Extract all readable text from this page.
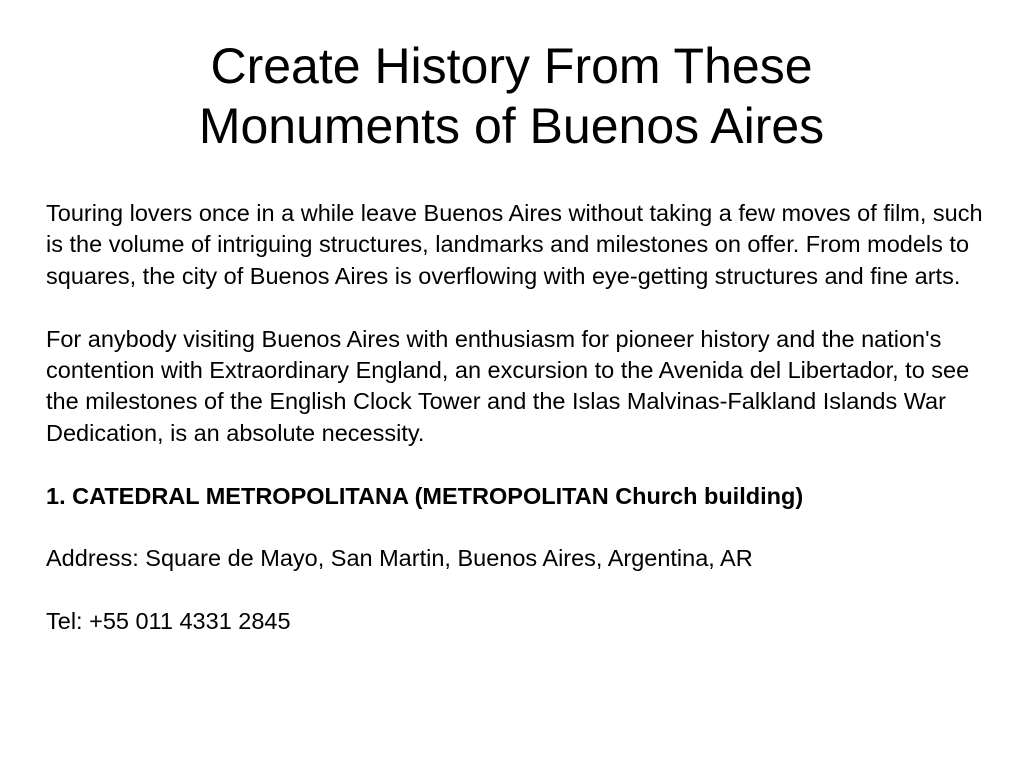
Create History From These
Monuments of Buenos Aires

Touring lovers once in a while leave Buenos Aires without taking a few moves of film, such is the volume of intriguing structures, landmarks and milestones on offer. From models to squares, the city of Buenos Aires is overflowing with eye-getting structures and fine arts.

For anybody visiting Buenos Aires with enthusiasm for pioneer history and the nation's contention with Extraordinary England, an excursion to the Avenida del Libertador, to see the milestones of the English Clock Tower and the Islas Malvinas-Falkland Islands War Dedication, is an absolute necessity.

1. CATEDRAL METROPOLITANA (METROPOLITAN Church building)

Address: Square de Mayo, San Martin, Buenos Aires, Argentina, AR

Tel: +55 011 4331 2845
